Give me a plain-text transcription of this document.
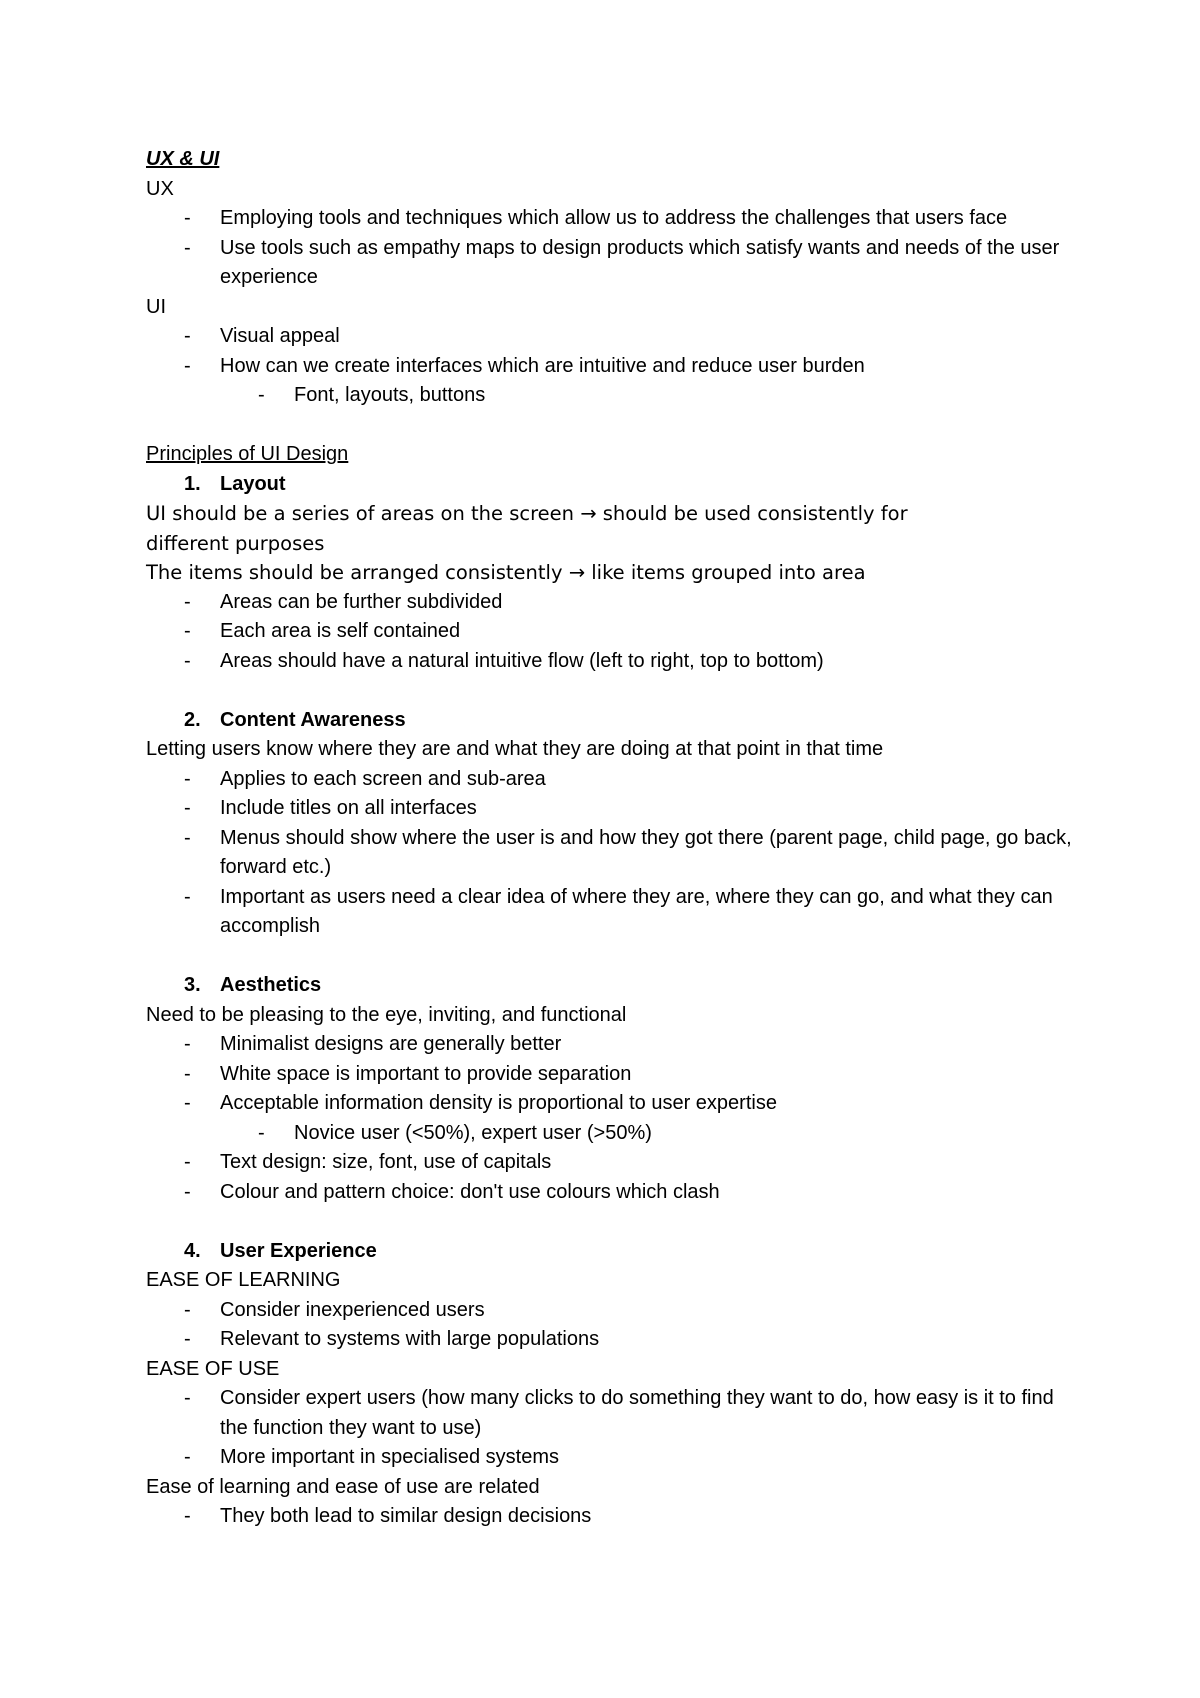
UX & UI
UX
-	Employing tools and techniques which allow us to address the challenges that users face
-	Use tools such as empathy maps to design products which satisfy wants and needs of the user experience
UI
-	Visual appeal
-	How can we create interfaces which are intuitive and reduce user burden
-	Font, layouts, buttons
Principles of UI Design
1. Layout
UI should be a series of areas on the screen → should be used consistently for
different purposes
The items should be arranged consistently → like items grouped into area
-	Areas can be further subdivided
-	Each area is self contained
-	Areas should have a natural intuitive flow (left to right, top to bottom)
2. Content Awareness
Letting users know where they are and what they are doing at that point in that time
-	Applies to each screen and sub-area
-	Include titles on all interfaces
-	Menus should show where the user is and how they got there (parent page, child page, go back, forward etc.)
-	Important as users need a clear idea of where they are, where they can go, and what they can accomplish
3. Aesthetics
Need to be pleasing to the eye, inviting, and functional
-	Minimalist designs are generally better
-	White space is important to provide separation
-	Acceptable information density is proportional to user expertise
-	Novice user (<50%), expert user (>50%)
-	Text design: size, font, use of capitals
-	Colour and pattern choice: don't use colours which clash
4. User Experience
EASE OF LEARNING
-	Consider inexperienced users
-	Relevant to systems with large populations
EASE OF USE
-	Consider expert users (how many clicks to do something they want to do, how easy is it to find the function they want to use)
-	More important in specialised systems
Ease of learning and ease of use are related
-	They both lead to similar design decisions
